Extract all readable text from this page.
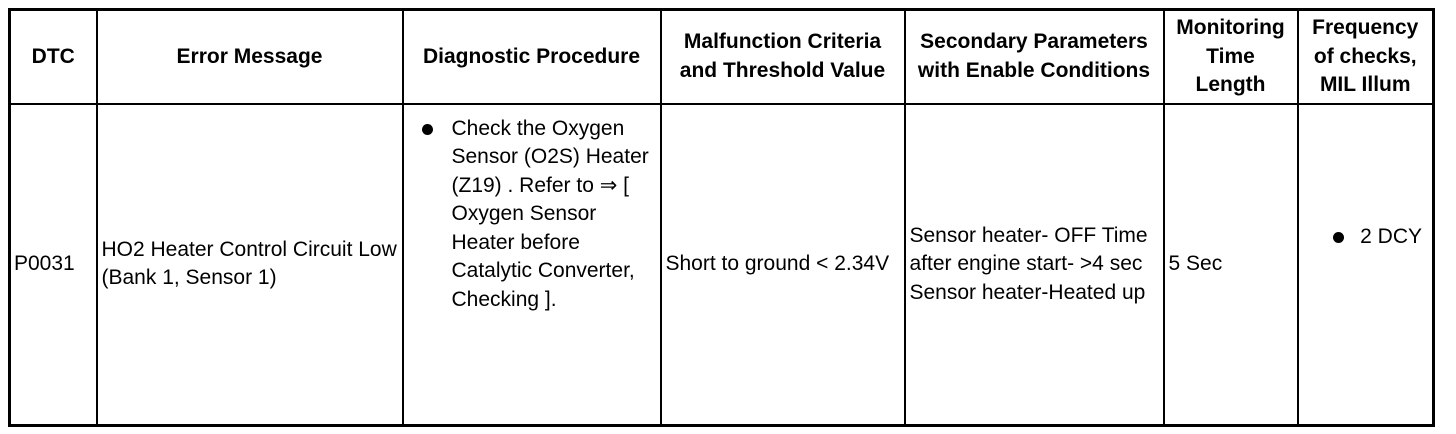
DTC	Error Message	Diagnostic Procedure	Malfunction Criteria and Threshold Value	Secondary Parameters with Enable Conditions	Monitoring Time Length	Frequency of checks, MIL Illum
P0031	HO2 Heater Control Circuit Low (Bank 1, Sensor 1)	Check the Oxygen Sensor (O2S) Heater (Z19) . Refer to ⇒ [ Oxygen Sensor Heater before Catalytic Converter, Checking ].	Short to ground < 2.34V	Sensor heater- OFF Time after engine start- >4 sec Sensor heater-Heated up	5 Sec	2 DCY
